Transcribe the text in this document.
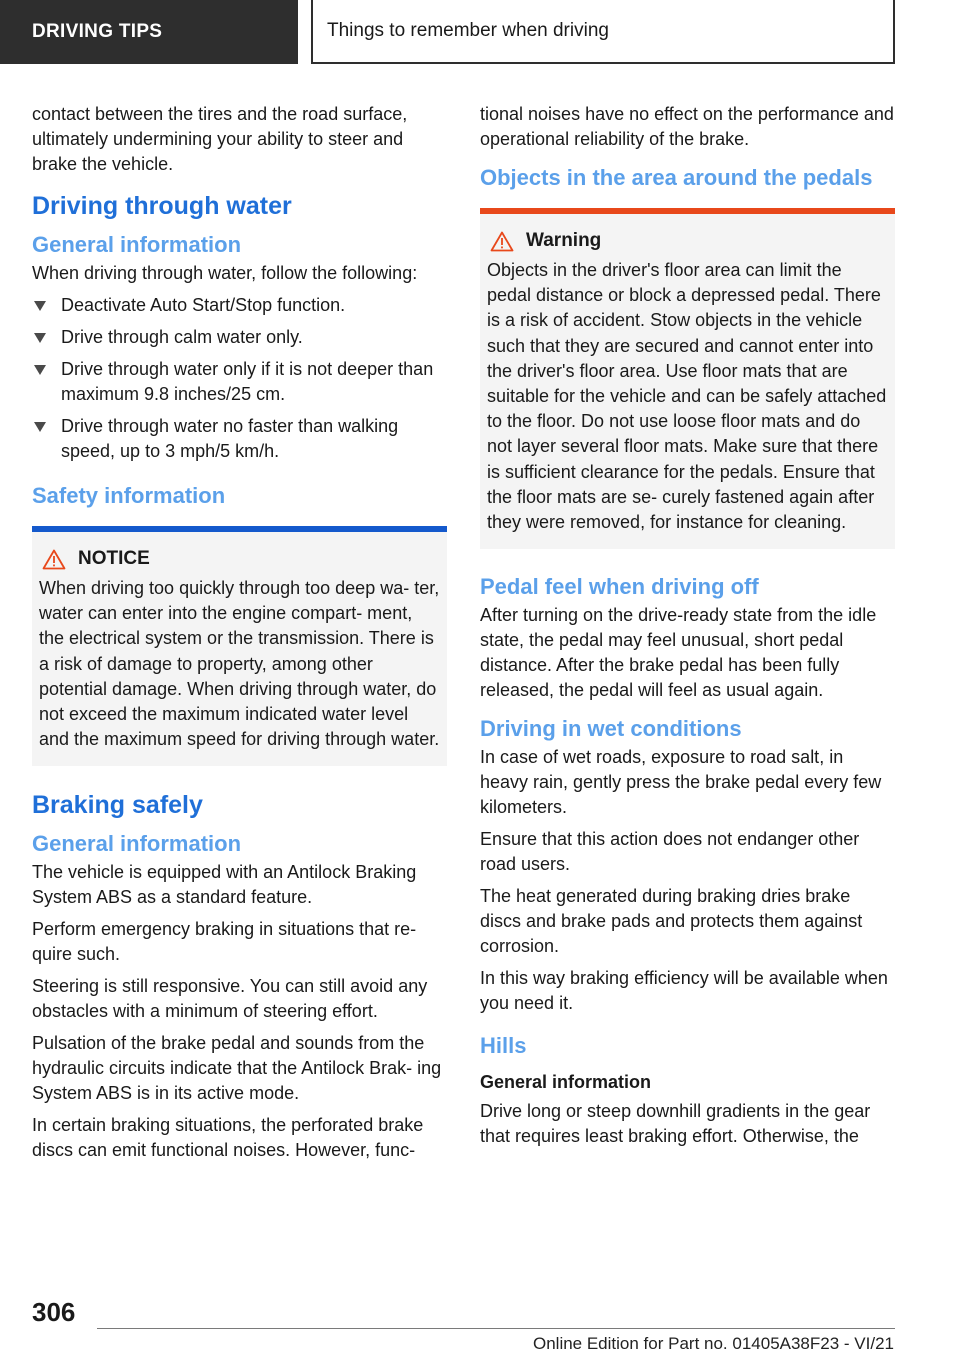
DRIVING TIPS	Things to remember when driving

contact between the tires and the road surface, ultimately undermining your ability to steer and brake the vehicle.

Driving through water
General information

When driving through water, follow the following:

Deactivate Auto Start/Stop function.
Drive through calm water only.
Drive through water only if it is not deeper than maximum 9.8 inches/25 cm.
Drive through water no faster than walking speed, up to 3 mph/5 km/h.
Safety information
NOTICE

When driving too quickly through too deep wa‐ ter, water can enter into the engine compart‐ ment, the electrical system or the transmission. There is a risk of damage to property, among other potential damage. When driving through water, do not exceed the maximum indicated water level and the maximum speed for driving through water.

Braking safely
General information

The vehicle is equipped with an Antilock Braking System ABS as a standard feature.

Perform emergency braking in situations that re‐ quire such.

Steering is still responsive. You can still avoid any obstacles with a minimum of steering effort.

Pulsation of the brake pedal and sounds from the hydraulic circuits indicate that the Antilock Brak‐ ing System ABS is in its active mode.

In certain braking situations, the perforated brake discs can emit functional noises. However, func‐

tional noises have no effect on the performance and operational reliability of the brake.

Objects in the area around the pedals
Warning

Objects in the driver's floor area can limit the pedal distance or block a depressed pedal. There is a risk of accident. Stow objects in the vehicle such that they are secured and cannot enter into the driver's floor area. Use floor mats that are suitable for the vehicle and can be safely attached to the floor. Do not use loose floor mats and do not layer several floor mats. Make sure that there is sufficient clearance for the pedals. Ensure that the floor mats are se‐ curely fastened again after they were removed, for instance for cleaning.

Pedal feel when driving off

After turning on the drive-ready state from the idle state, the pedal may feel unusual, short pedal distance. After the brake pedal has been fully released, the pedal will feel as usual again.

Driving in wet conditions

In case of wet roads, exposure to road salt, in heavy rain, gently press the brake pedal every few kilometers.

Ensure that this action does not endanger other road users.

The heat generated during braking dries brake discs and brake pads and protects them against corrosion.

In this way braking efficiency will be available when you need it.

Hills
General information

Drive long or steep downhill gradients in the gear that requires least braking effort. Otherwise, the

306
Online Edition for Part no. 01405A38F23 - VI/21
